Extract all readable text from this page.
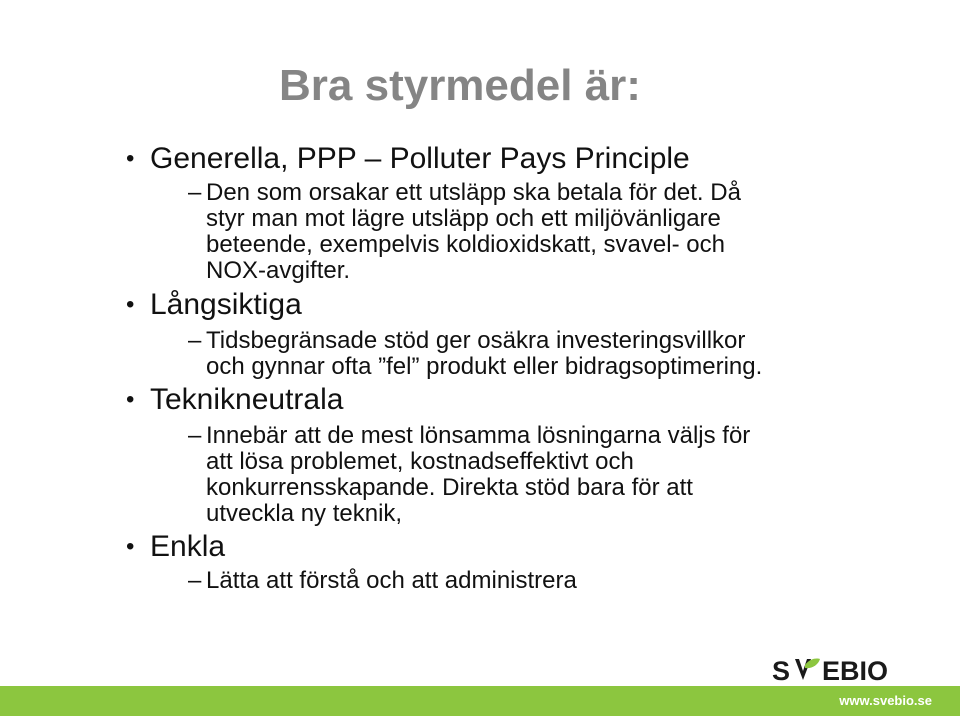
Bra styrmedel är:
• Generella, PPP – Polluter Pays Principle
– Den som orsakar ett utsläpp ska betala för det. Då
styr man mot lägre utsläpp och ett miljövänligare
beteende, exempelvis koldioxidskatt, svavel- och
NOX-avgifter.
• Långsiktiga
– Tidsbegränsade stöd ger osäkra investeringsvillkor
och gynnar ofta ”fel” produkt eller bidragsoptimering.
• Teknikneutrala
– Innebär att de mest lönsamma lösningarna väljs för
att lösa problemet, kostnadseffektivt och
konkurrensskapande. Direkta stöd bara för att
utveckla ny teknik,
• Enkla
– Lätta att förstå och att administrera
S EBIO
www.svebio.se
